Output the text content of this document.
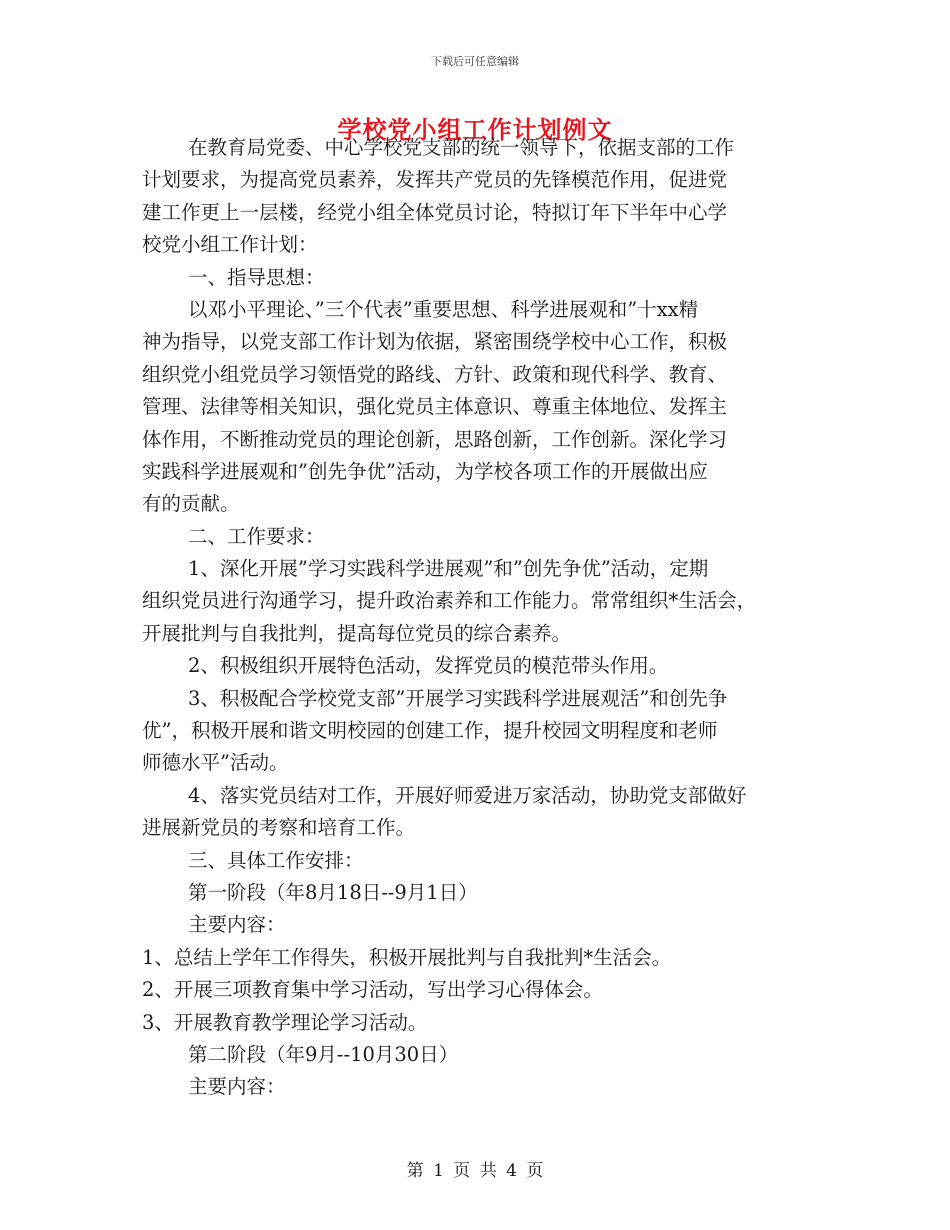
下载后可任意编辑
学校党小组工作计划例文
在教育局党委、中心学校党支部的统一领导下，依据支部的工作
计划要求，为提高党员素养，发挥共产党员的先锋模范作用，促进党
建工作更上一层楼，经党小组全体党员讨论，特拟订年下半年中心学
校党小组工作计划：
一、指导思想：
以邓小平理论、”三个代表”重要思想、科学进展观和”十xx精
神为指导，以党支部工作计划为依据，紧密围绕学校中心工作，积极
组织党小组党员学习领悟党的路线、方针、政策和现代科学、教育、
管理、法律等相关知识，强化党员主体意识、尊重主体地位、发挥主
体作用，不断推动党员的理论创新，思路创新，工作创新。深化学习
实践科学进展观和”创先争优”活动，为学校各项工作的开展做出应
有的贡献。
二、工作要求：
1、深化开展”学习实践科学进展观”和”创先争优”活动，定期
组织党员进行沟通学习，提升政治素养和工作能力。常常组织*生活会，
开展批判与自我批判，提高每位党员的综合素养。
2、积极组织开展特色活动，发挥党员的模范带头作用。
3、积极配合学校党支部”开展学习实践科学进展观活”和创先争
优”，积极开展和谐文明校园的创建工作，提升校园文明程度和老师
师德水平”活动。
4、落实党员结对工作，开展好师爱进万家活动，协助党支部做好
进展新党员的考察和培育工作。
三、具体工作安排：
第一阶段（年8月18日--9月1日）
主要内容：
1、总结上学年工作得失，积极开展批判与自我批判*生活会。
2、开展三项教育集中学习活动，写出学习心得体会。
3、开展教育教学理论学习活动。
第二阶段（年9月--10月30日）
主要内容：
第 1 页 共 4 页
